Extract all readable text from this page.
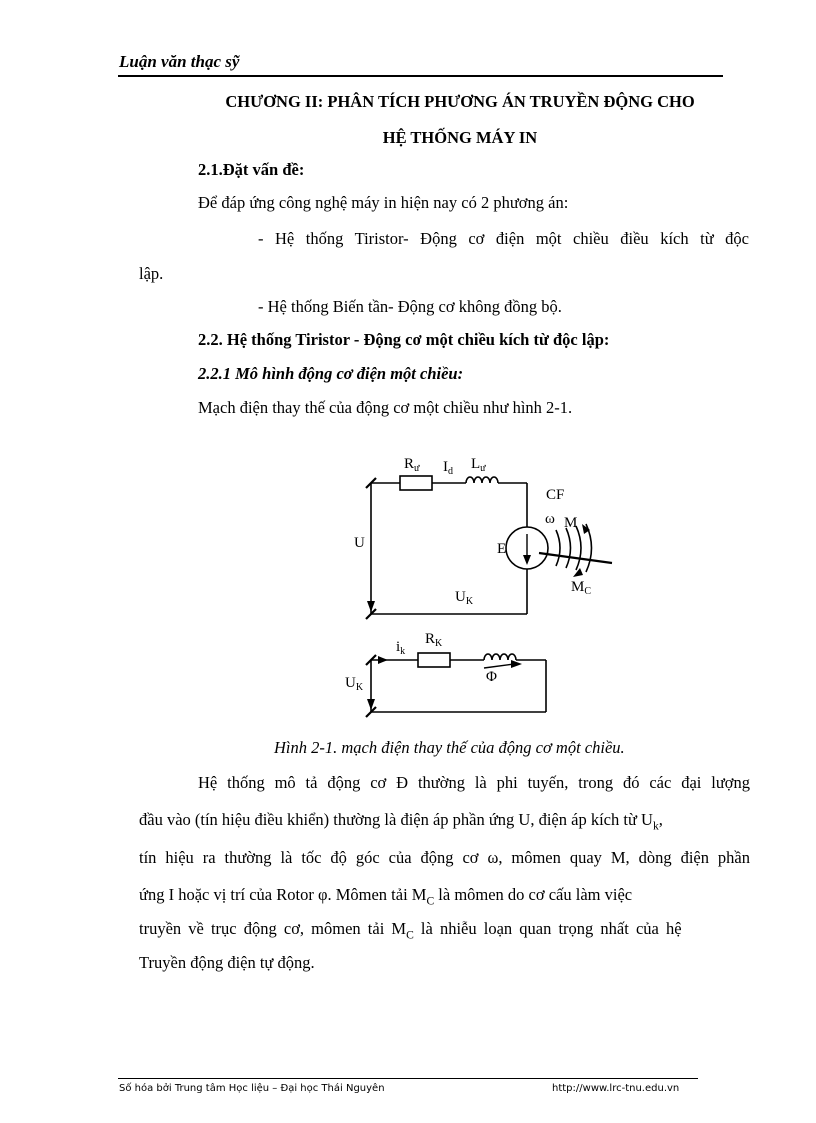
Luận văn thạc sỹ
CHƯƠNG II: PHÂN TÍCH PHƯƠNG ÁN TRUYỀN ĐỘNG CHO
HỆ THỐNG MÁY IN
2.1.Đặt vấn đề:
Để đáp ứng công nghệ máy in hiện nay có 2 phương án:
- Hệ thống Tiristor- Động cơ điện một chiều điều kích từ độc
lập.
- Hệ thống Biến tần- Động cơ không đồng bộ.
2.2. Hệ thống Tiristor - Động cơ một chiều kích từ độc lập:
2.2.1 Mô hình động cơ điện một chiều:
Mạch điện thay thế của động cơ một chiều như hình 2-1.
$R_ư$ $I_d$ $L_ư$
CF
ω M
U	E
$U_K$
$M_C$
$i_k$
$R_K$
$U_K$
Φ
Hình 2-1. mạch điện thay thế của động cơ một chiều.
Hệ thống mô tả động cơ Đ thường là phi tuyến, trong đó các đại lượng
đầu vào (tín hiệu điều khiển) thường là điện áp phần ứng U, điện áp kích từ $U_k$,
tín hiệu ra thường là tốc độ góc của động cơ ω, mômen quay M, dòng điện phần
ứng I hoặc vị trí của Rotor φ. Mômen tải $M_C$ là mômen do cơ cấu làm việc
truyền về trục động cơ, mômen tải $M_C$ là nhiễu loạn quan trọng nhất của hệ
Truyền động điện tự động.
Số hóa bởi Trung tâm Học liệu – Đại học Thái Nguyên	http://www.lrc-tnu.edu.vn
